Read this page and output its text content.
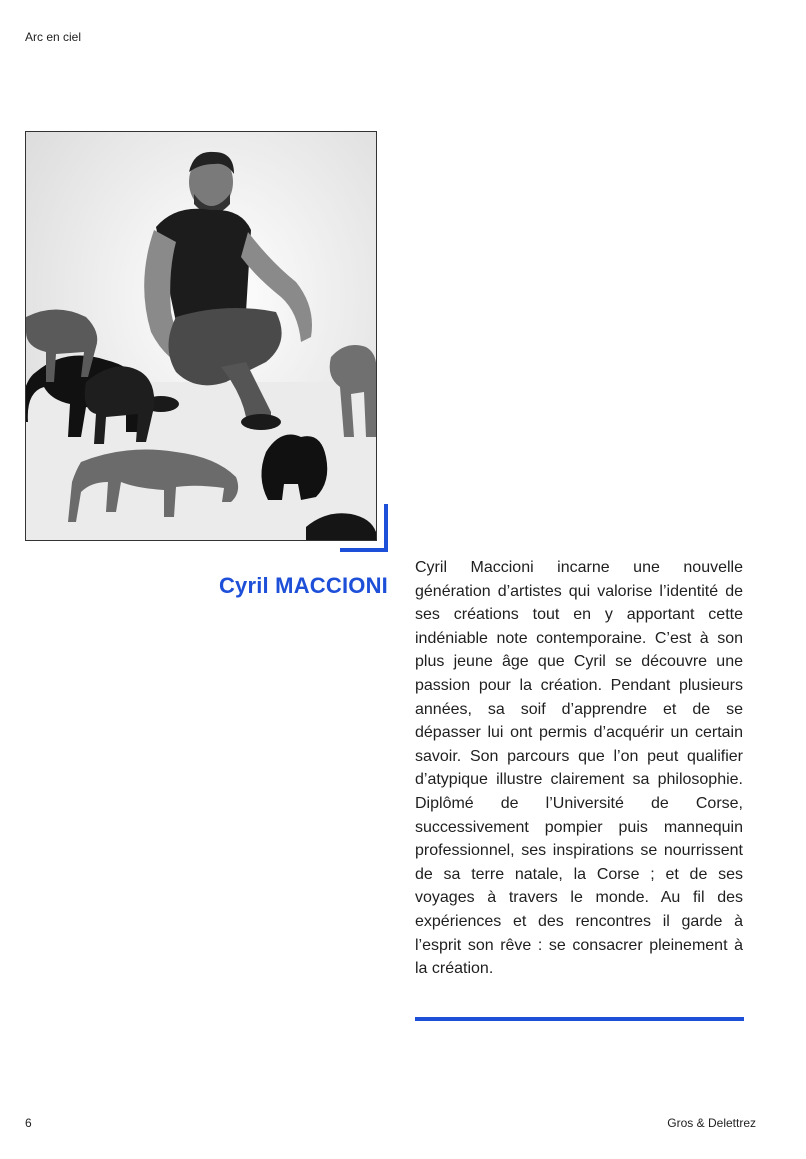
Arc en ciel
Cyril MACCIONI
Cyril Maccioni incarne une nouvelle génération d’artistes qui valorise l’identité de ses créations tout en y apportant cette indéniable note contemporaine. C’est à son plus jeune âge que Cyril se découvre une passion pour la création. Pendant plusieurs années, sa soif d’apprendre et de se dépasser lui ont permis d’acquérir un certain savoir. Son parcours que l’on peut qualifier d’atypique illustre clairement sa philosophie. Diplômé de l’Université de Corse, successivement pompier puis mannequin professionnel, ses inspirations se nourrissent de sa terre natale, la Corse ; et de ses voyages à travers le monde. Au fil des expériences et des rencontres il garde à l’esprit son rêve : se consacrer pleinement à la création.
6	Gros & Delettrez
